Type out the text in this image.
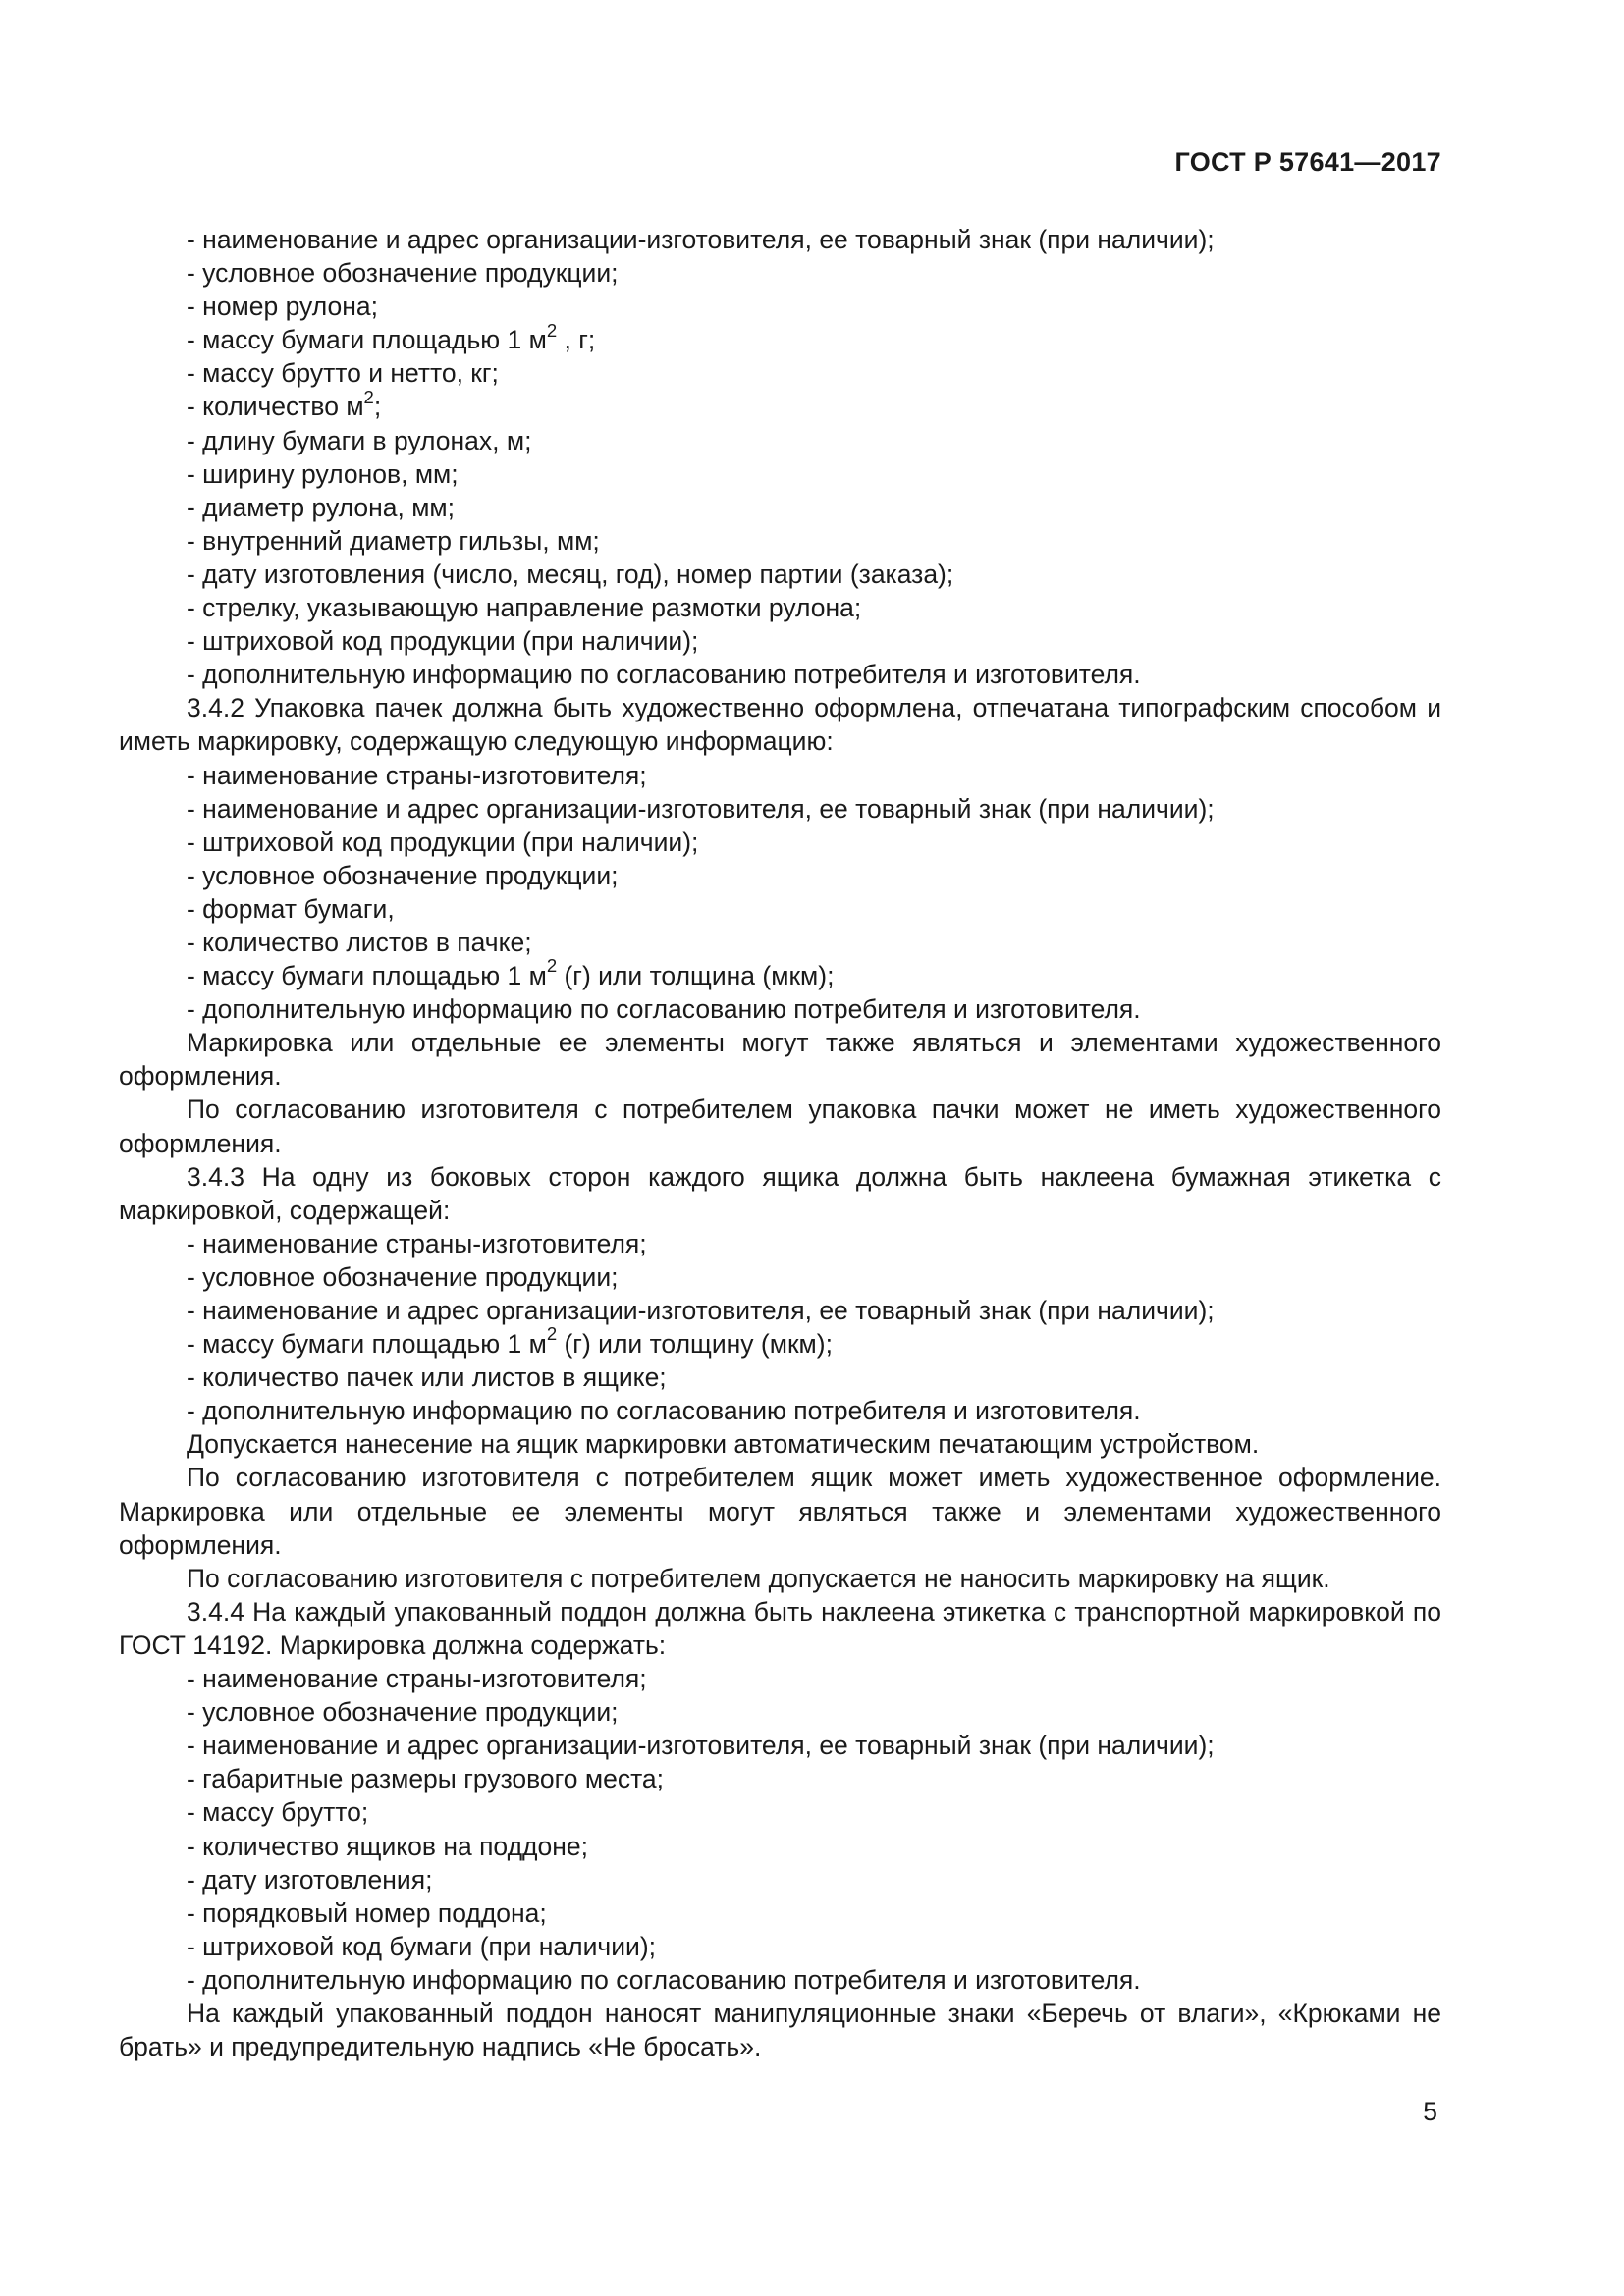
ГОСТ Р 57641—2017

- наименование и адрес организации-изготовителя, ее товарный знак (при наличии);

- условное обозначение продукции;

- номер рулона;

- массу бумаги площадью 1 $м^2$ , г;

- массу брутто и нетто, кг;

- количество $м^2$;

- длину бумаги в рулонах, м;

- ширину рулонов, мм;

- диаметр рулона, мм;

- внутренний диаметр гильзы, мм;

- дату изготовления (число, месяц, год), номер партии (заказа);

- стрелку, указывающую направление размотки рулона;

- штриховой код продукции (при наличии);

- дополнительную информацию по согласованию потребителя и изготовителя.

3.4.2 Упаковка пачек должна быть художественно оформлена, отпечатана типографским способом и иметь маркировку, содержащую следующую информацию:

- наименование страны-изготовителя;

- наименование и адрес организации-изготовителя, ее товарный знак (при наличии);

- штриховой код продукции (при наличии);

- условное обозначение продукции;

- формат бумаги,

- количество листов в пачке;

- массу бумаги площадью 1 $м^2$ (г) или толщина (мкм);

- дополнительную информацию по согласованию потребителя и изготовителя.

Маркировка или отдельные ее элементы могут также являться и элементами художественного оформления.

По согласованию изготовителя с потребителем упаковка пачки может не иметь художественного оформления.

3.4.3 На одну из боковых сторон каждого ящика должна быть наклеена бумажная этикетка с маркировкой, содержащей:

- наименование страны-изготовителя;

- условное обозначение продукции;

- наименование и адрес организации-изготовителя, ее товарный знак (при наличии);

- массу бумаги площадью 1 $м^2$ (г) или толщину (мкм);

- количество пачек или листов в ящике;

- дополнительную информацию по согласованию потребителя и изготовителя.

Допускается нанесение на ящик маркировки автоматическим печатающим устройством.

По согласованию изготовителя с потребителем ящик может иметь художественное оформление. Маркировка или отдельные ее элементы могут являться также и элементами художественного оформления.

По согласованию изготовителя с потребителем допускается не наносить маркировку на ящик.

3.4.4 На каждый упакованный поддон должна быть наклеена этикетка с транспортной маркировкой по ГОСТ 14192. Маркировка должна содержать:

- наименование страны-изготовителя;

- условное обозначение продукции;

- наименование и адрес организации-изготовителя, ее товарный знак (при наличии);

- габаритные размеры грузового места;

- массу брутто;

- количество ящиков на поддоне;

- дату изготовления;

- порядковый номер поддона;

- штриховой код бумаги (при наличии);

- дополнительную информацию по согласованию потребителя и изготовителя.

На каждый упакованный поддон наносят манипуляционные знаки «Беречь от влаги», «Крюками не брать» и предупредительную надпись «Не бросать».

5
